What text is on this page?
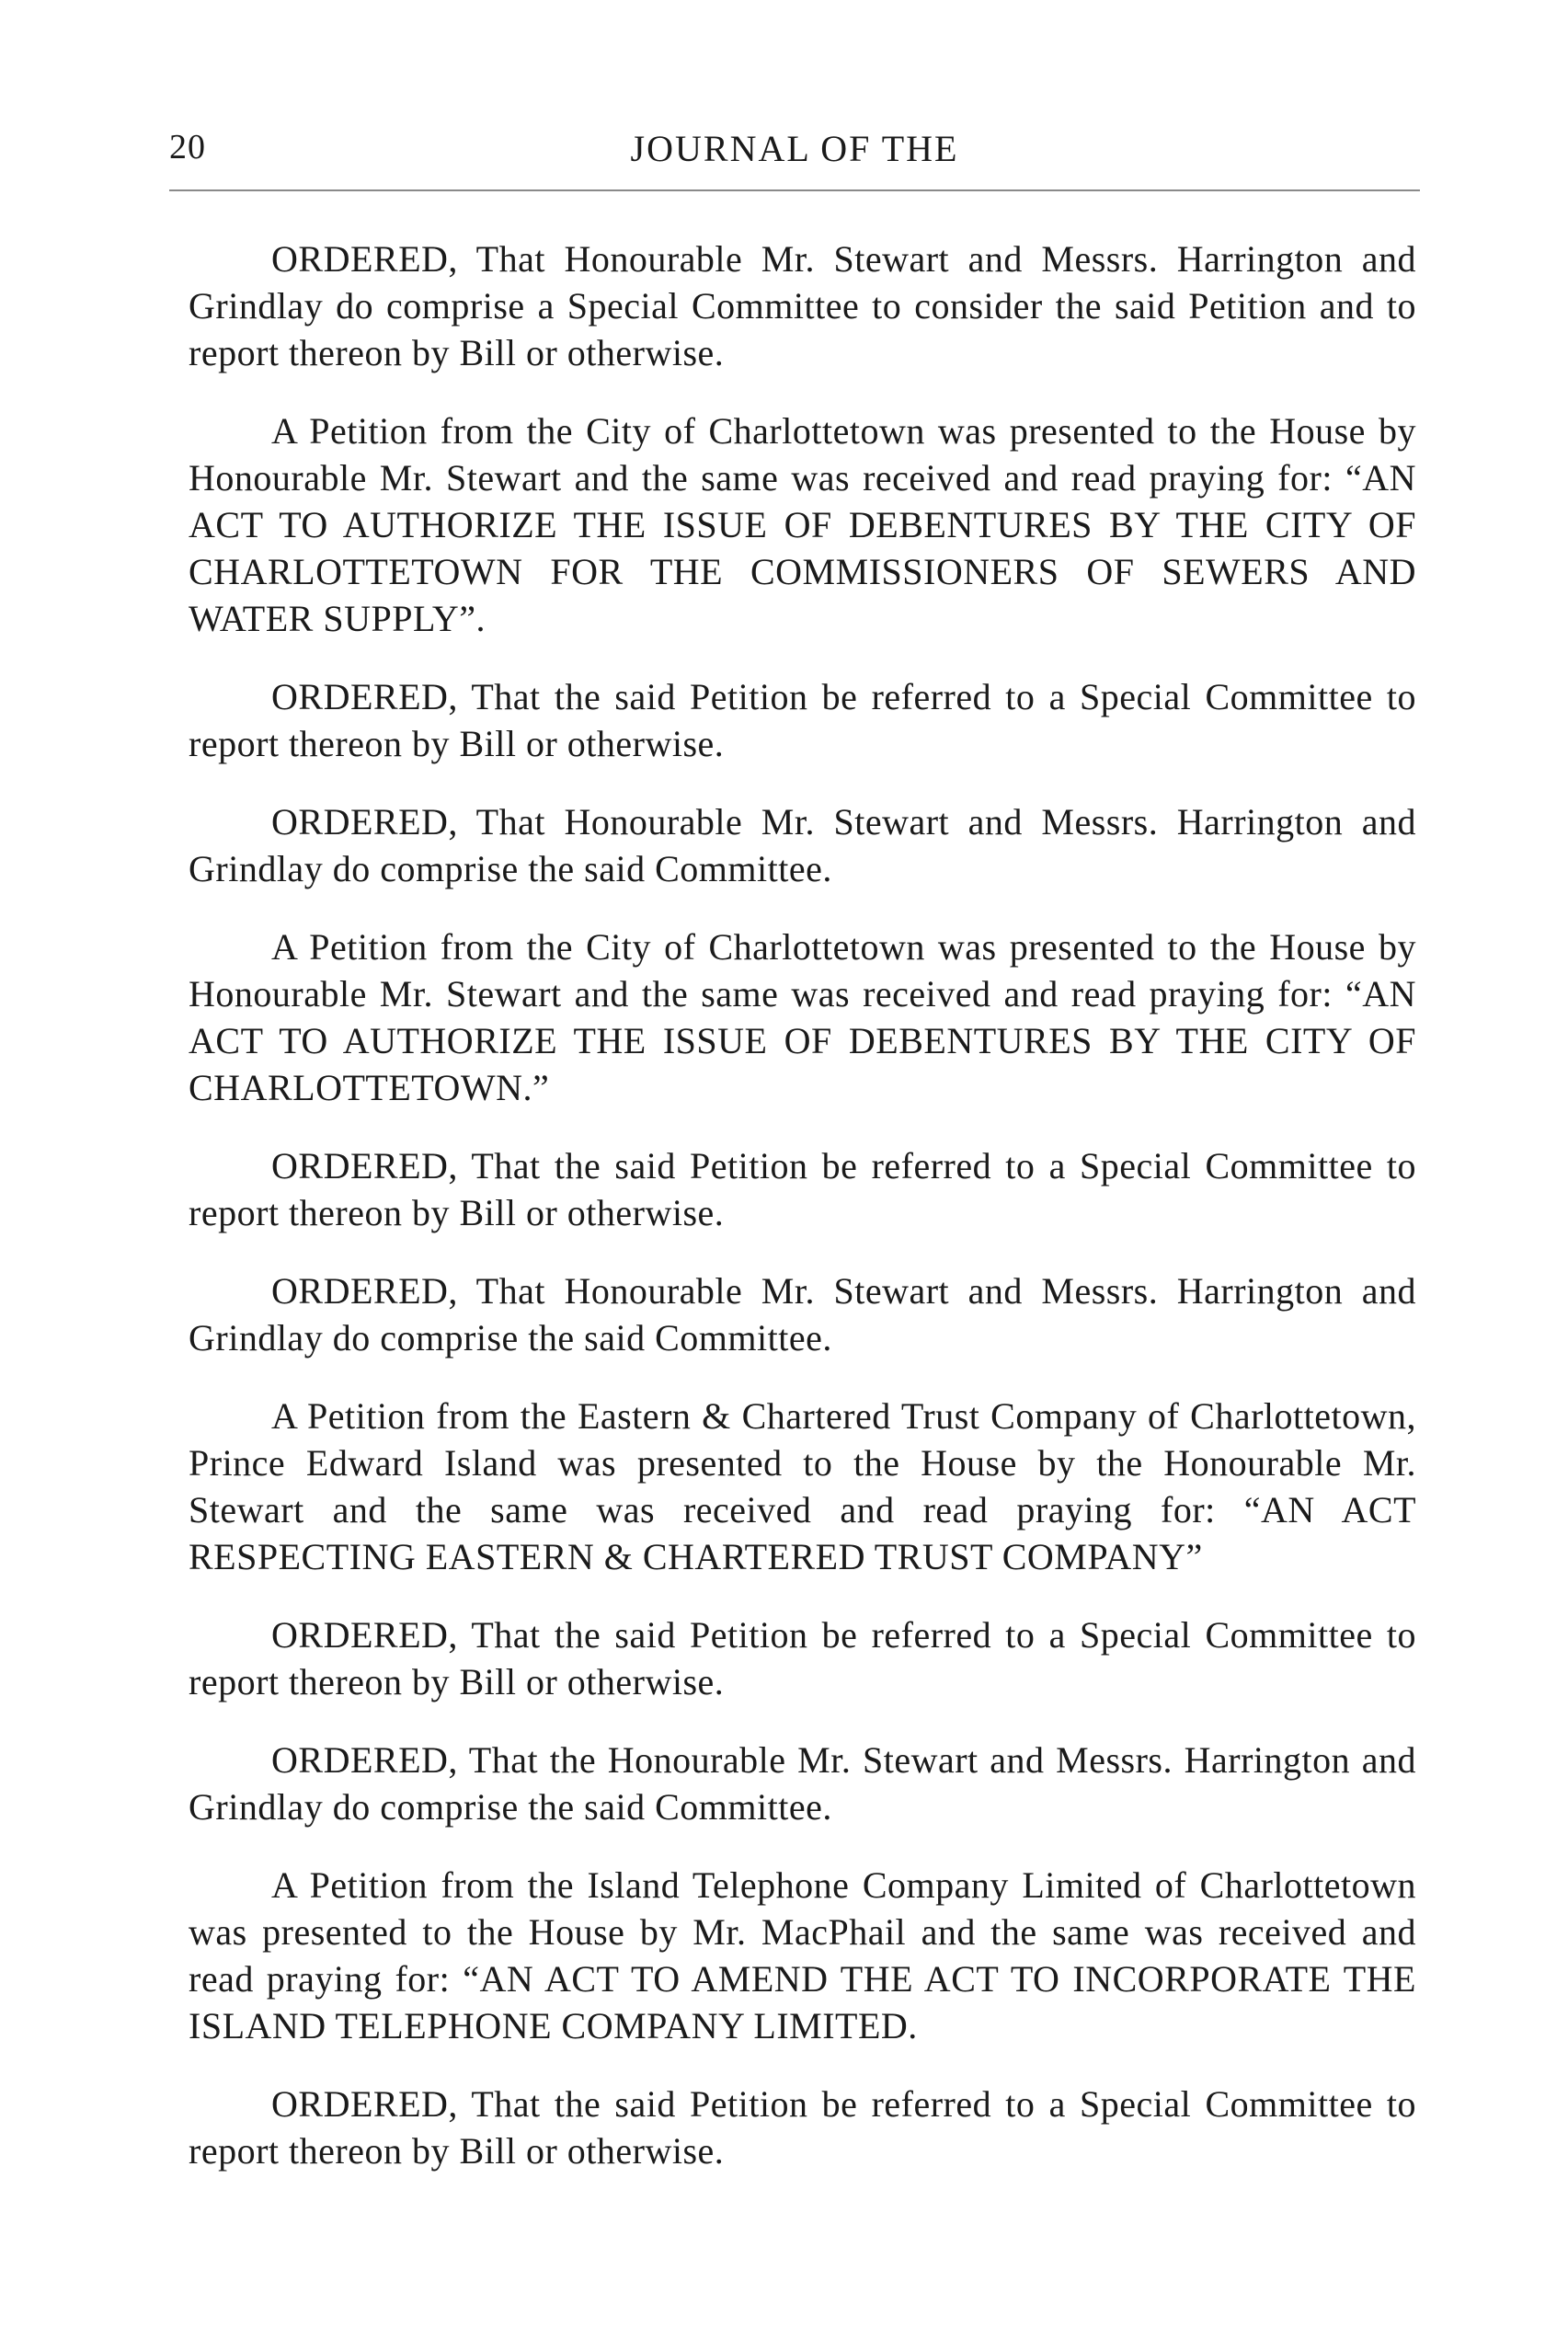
20	JOURNAL OF THE

ORDERED, That Honourable Mr. Stewart and Messrs. Harrington and Grindlay do comprise a Special Committee to consider the said Petition and to report thereon by Bill or otherwise.

A Petition from the City of Charlottetown was presented to the House by Honourable Mr. Stewart and the same was received and read praying for: “AN ACT TO AUTHORIZE THE ISSUE OF DEBENTURES BY THE CITY OF CHARLOTTETOWN FOR THE COMMISSIONERS OF SEWERS AND WATER SUPPLY”.

ORDERED, That the said Petition be referred to a Special Committee to report thereon by Bill or otherwise.

ORDERED, That Honourable Mr. Stewart and Messrs. Harrington and Grindlay do comprise the said Committee.

A Petition from the City of Charlottetown was presented to the House by Honourable Mr. Stewart and the same was received and read praying for: “AN ACT TO AUTHORIZE THE ISSUE OF DEBENTURES BY THE CITY OF CHARLOTTETOWN.”

ORDERED, That the said Petition be referred to a Special Committee to report thereon by Bill or otherwise.

ORDERED, That Honourable Mr. Stewart and Messrs. Harrington and Grindlay do comprise the said Committee.

A Petition from the Eastern & Chartered Trust Company of Charlottetown, Prince Edward Island was presented to the House by the Honourable Mr. Stewart and the same was received and read praying for: “AN ACT RESPECTING EASTERN & CHARTERED TRUST COMPANY”

ORDERED, That the said Petition be referred to a Special Committee to report thereon by Bill or otherwise.

ORDERED, That the Honourable Mr. Stewart and Messrs. Harrington and Grindlay do comprise the said Committee.

A Petition from the Island Telephone Company Limited of Charlottetown was presented to the House by Mr. MacPhail and the same was received and read praying for: “AN ACT TO AMEND THE ACT TO INCORPORATE THE ISLAND TELEPHONE COMPANY LIMITED.

ORDERED, That the said Petition be referred to a Special Committee to report thereon by Bill or otherwise.
